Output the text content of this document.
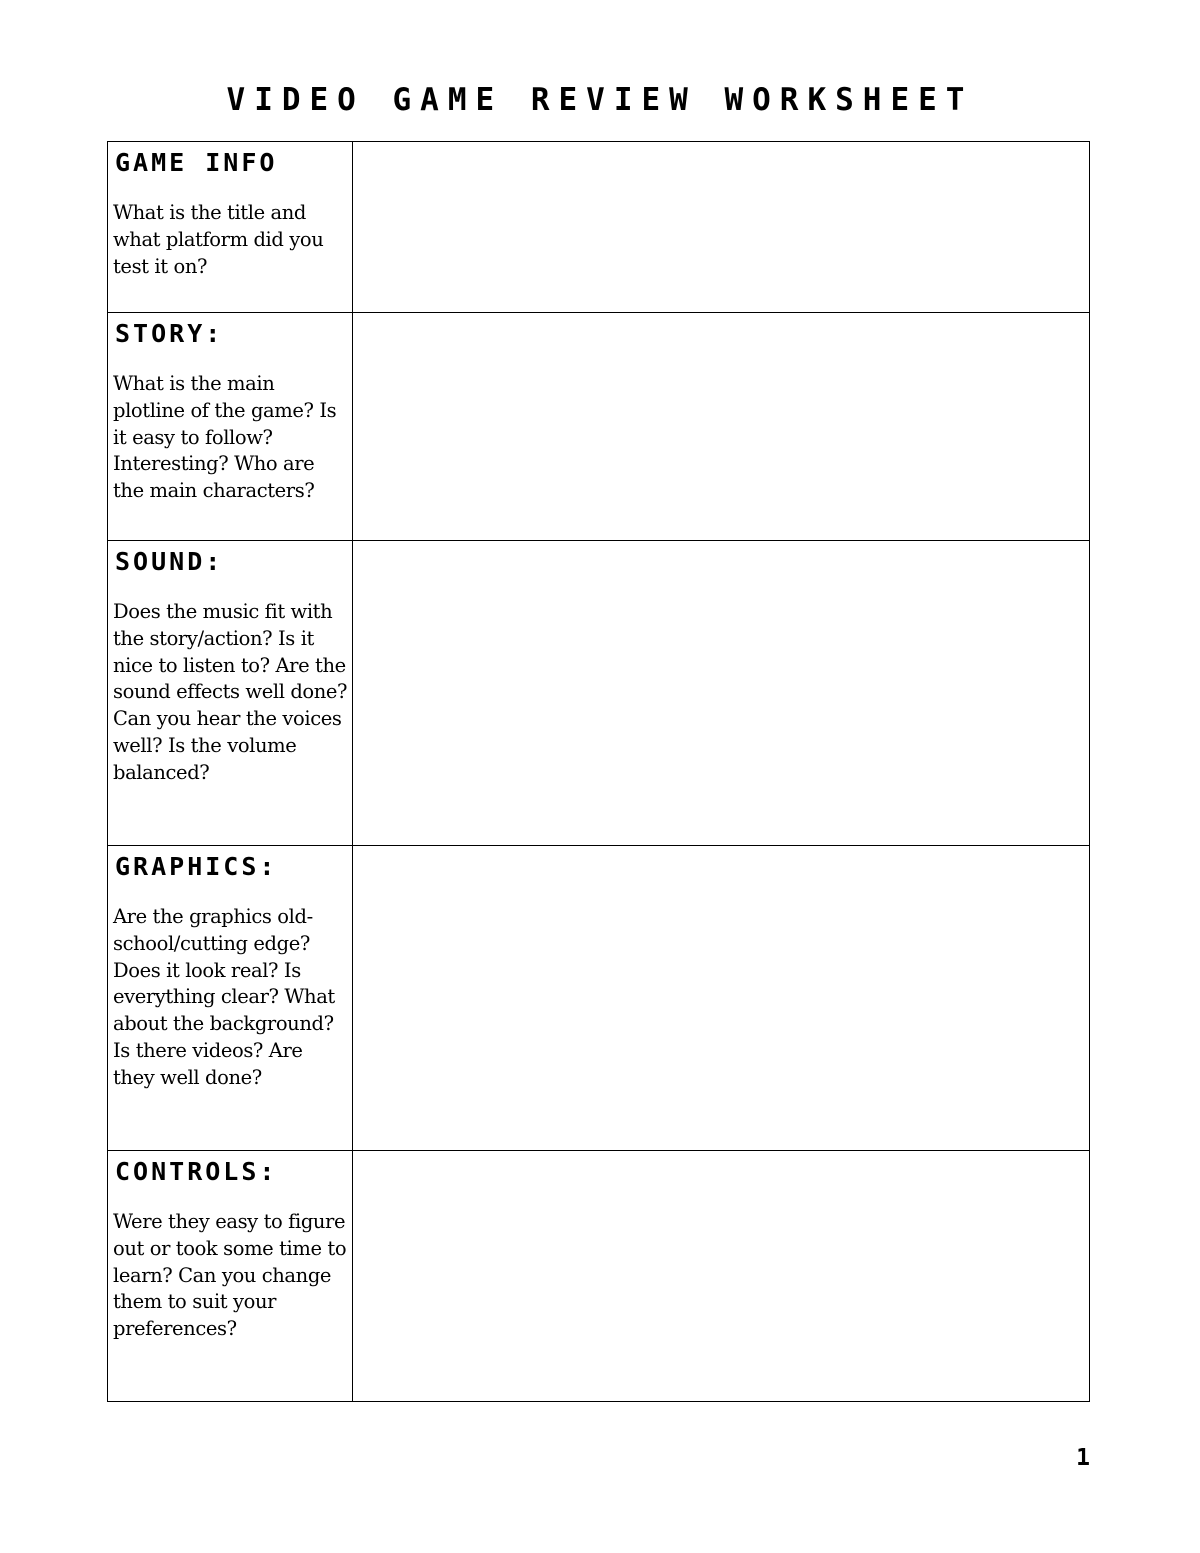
VIDEO GAME REVIEW WORKSHEET
GAME INFO

What is the title and what platform did you test it on?	

STORY:

What is the main plotline of the game? Is it easy to follow? Interesting? Who are the main characters?	

SOUND:

Does the music fit with the story/action? Is it nice to listen to? Are the sound effects well done? Can you hear the voices well? Is the volume balanced?	

GRAPHICS:

Are the graphics old-school/cutting edge? Does it look real? Is everything clear? What about the background? Is there videos? Are they well done?	

CONTROLS:

Were they easy to figure out or took some time to learn? Can you change them to suit your preferences?	

1
